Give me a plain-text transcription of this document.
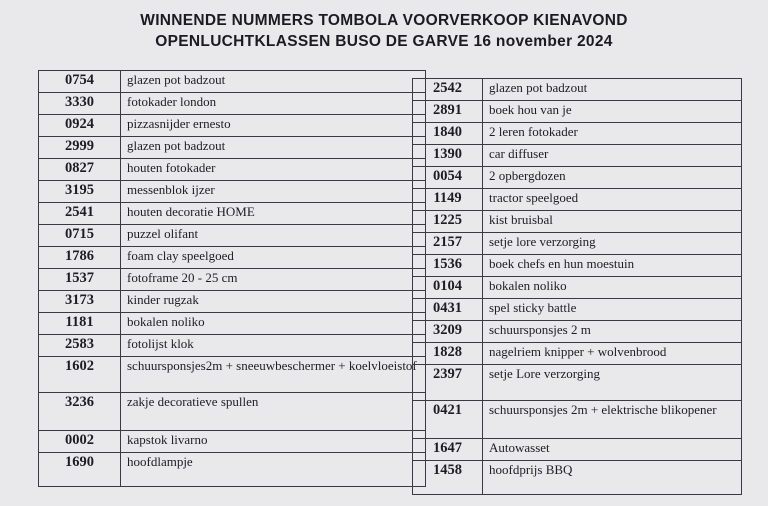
WINNENDE NUMMERS TOMBOLA VOORVERKOOP KIENAVOND
OPENLUCHTKLASSEN BUSO DE GARVE 16 november 2024
0754	glazen pot badzout
3330	fotokader london
0924	pizzasnijder ernesto
2999	glazen pot badzout
0827	houten fotokader
3195	messenblok ijzer
2541	houten decoratie HOME
0715	puzzel olifant
1786	foam clay speelgoed
1537	fotoframe 20 - 25 cm
3173	kinder rugzak
1181	bokalen noliko
2583	fotolijst klok
1602	schuursponsjes2m + sneeuwbeschermer + koelvloeistof
3236	zakje decoratieve spullen
0002	kapstok livarno
1690	hoofdlampje
2542	glazen pot badzout
2891	boek hou van je
1840	2 leren fotokader
1390	car diffuser
0054	2 opbergdozen
1149	tractor speelgoed
1225	kist bruisbal
2157	setje lore verzorging
1536	boek chefs en hun moestuin
0104	bokalen noliko
0431	spel sticky battle
3209	schuursponsjes 2 m
1828	nagelriem knipper + wolvenbrood
2397	setje Lore verzorging
0421	schuursponsjes 2m + elektrische blikopener
1647	Autowasset
1458	hoofdprijs BBQ
